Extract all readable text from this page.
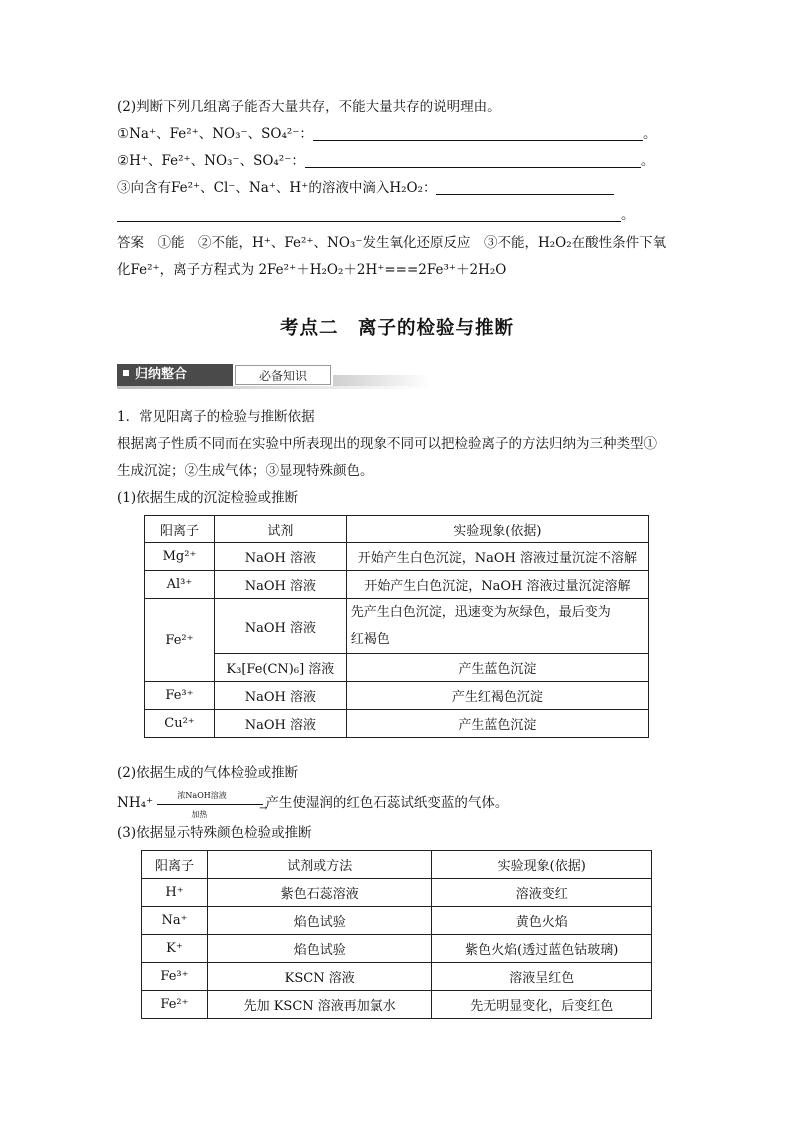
(2)判断下列几组离子能否大量共存，不能大量共存的说明理由。
①Na⁺、Fe²⁺、NO₃⁻、SO₄²⁻：	。
②H⁺、Fe²⁺、NO₃⁻、SO₄²⁻：	。
③向含有Fe²⁺、Cl⁻、Na⁺、H⁺的溶液中滴入H₂O₂：
。
答案　①能　②不能，H⁺、Fe²⁺、NO₃⁻发生氧化还原反应　③不能，H₂O₂在酸性条件下氧
化Fe²⁺，离子方程式为 2Fe²⁺＋H₂O₂＋2H⁺===2Fe³⁺＋2H₂O
考点二　离子的检验与推断
归纳整合	必备知识
1．常见阳离子的检验与推断依据
根据离子性质不同而在实验中所表现出的现象不同可以把检验离子的方法归纳为三种类型①
生成沉淀；②生成气体；③显现特殊颜色。
(1)依据生成的沉淀检验或推断
阳离子	试剂	实验现象(依据)
Mg²⁺	NaOH 溶液	开始产生白色沉淀，NaOH 溶液过量沉淀不溶解
Al³⁺	NaOH 溶液	开始产生白色沉淀，NaOH 溶液过量沉淀溶解
Fe²⁺	NaOH 溶液	先产生白色沉淀，迅速变为灰绿色，最后变为
红褐色
	K₃[Fe(CN)₆] 溶液	产生蓝色沉淀
Fe³⁺	NaOH 溶液	产生红褐色沉淀
Cu²⁺	NaOH 溶液	产生蓝色沉淀
(2)依据生成的气体检验或推断
NH₄⁺	浓NaOH溶液
→
加热
产生使湿润的红色石蕊试纸变蓝的气体。
(3)依据显示特殊颜色检验或推断
阳离子	试剂或方法	实验现象(依据)
H⁺	紫色石蕊溶液	溶液变红
Na⁺	焰色试验	黄色火焰
K⁺	焰色试验	紫色火焰(透过蓝色钴玻璃)
Fe³⁺	KSCN 溶液	溶液呈红色
Fe²⁺	先加 KSCN 溶液再加氯水	先无明显变化，后变红色
